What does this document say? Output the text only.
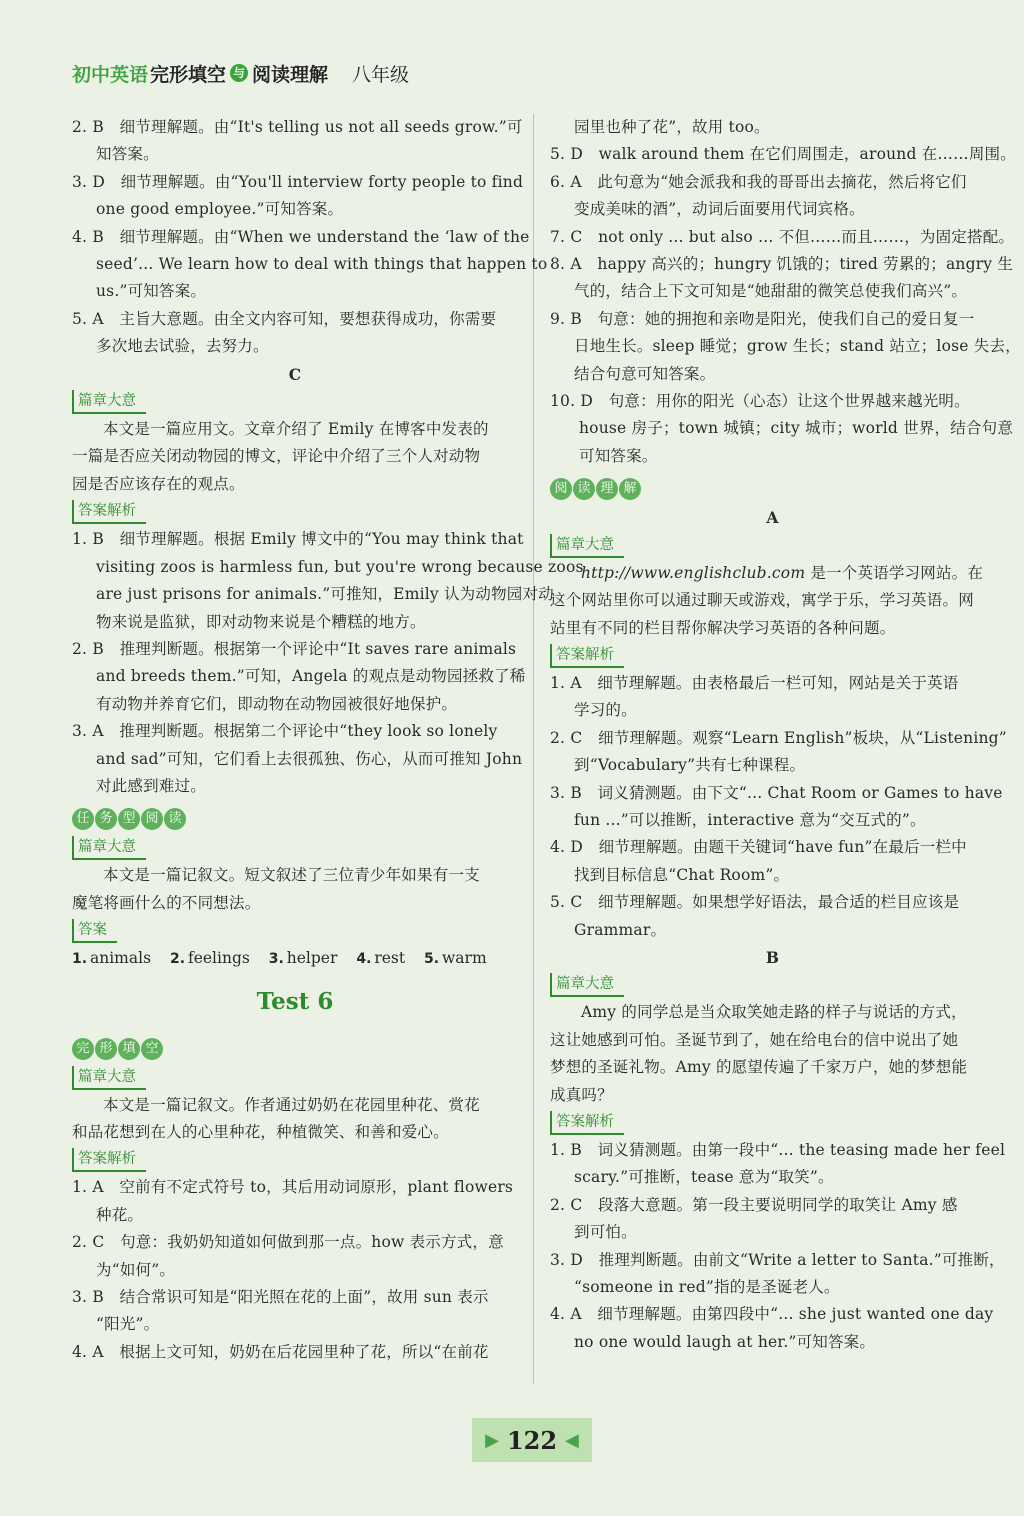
初中英语 完形填空 与 阅读理解 八年级
2. B　细节理解题。由“It's telling us not all seeds grow.”可
知答案。
3. D　细节理解题。由“You'll interview forty people to find
one good employee.”可知答案。
4. B　细节理解题。由“When we understand the ‘law of the
seed’... We learn how to deal with things that happen to
us.”可知答案。
5. A　主旨大意题。由全文内容可知，要想获得成功，你需要
多次地去试验，去努力。
C
篇章大意
本文是一篇应用文。文章介绍了 Emily 在博客中发表的
一篇是否应关闭动物园的博文，评论中介绍了三个人对动物
园是否应该存在的观点。
答案解析
1. B　细节理解题。根据 Emily 博文中的“You may think that
visiting zoos is harmless fun, but you're wrong because zoos
are just prisons for animals.”可推知，Emily 认为动物园对动
物来说是监狱，即对动物来说是个糟糕的地方。
2. B　推理判断题。根据第一个评论中“It saves rare animals
and breeds them.”可知，Angela 的观点是动物园拯救了稀
有动物并养育它们，即动物在动物园被很好地保护。
3. A　推理判断题。根据第二个评论中“they look so lonely
and sad”可知，它们看上去很孤独、伤心，从而可推知 John
对此感到难过。
任 务 型 阅 读
篇章大意
本文是一篇记叙文。短文叙述了三位青少年如果有一支
魔笔将画什么的不同想法。
答案
1. animals 2. feelings 3. helper 4. rest 5. warm
Test 6
完 形 填 空
篇章大意
本文是一篇记叙文。作者通过奶奶在花园里种花、赏花
和品花想到在人的心里种花，种植微笑、和善和爱心。
答案解析
1. A　空前有不定式符号 to，其后用动词原形，plant flowers
种花。
2. C　句意：我奶奶知道如何做到那一点。how 表示方式，意
为“如何”。
3. B　结合常识可知是“阳光照在花的上面”，故用 sun 表示
“阳光”。
4. A　根据上文可知，奶奶在后花园里种了花，所以“在前花
园里也种了花”，故用 too。
5. D　walk around them 在它们周围走，around 在……周围。
6. A　此句意为“她会派我和我的哥哥出去摘花，然后将它们
变成美味的酒”，动词后面要用代词宾格。
7. C　not only ... but also ... 不但……而且……，为固定搭配。
8. A　happy 高兴的；hungry 饥饿的；tired 劳累的；angry 生
气的，结合上下文可知是“她甜甜的微笑总使我们高兴”。
9. B　句意：她的拥抱和亲吻是阳光，使我们自己的爱日复一
日地生长。sleep 睡觉；grow 生长；stand 站立；lose 失去，
结合句意可知答案。
10. D　句意：用你的阳光（心态）让这个世界越来越光明。
house 房子；town 城镇；city 城市；world 世界，结合句意
可知答案。
阅 读 理 解
A
篇章大意
http://www.englishclub.com 是一个英语学习网站。在
这个网站里你可以通过聊天或游戏，寓学于乐，学习英语。网
站里有不同的栏目帮你解决学习英语的各种问题。
答案解析
1. A　细节理解题。由表格最后一栏可知，网站是关于英语
学习的。
2. C　细节理解题。观察“Learn English”板块，从“Listening”
到“Vocabulary”共有七种课程。
3. B　词义猜测题。由下文“... Chat Room or Games to have
fun ...”可以推断，interactive 意为“交互式的”。
4. D　细节理解题。由题干关键词“have fun”在最后一栏中
找到目标信息“Chat Room”。
5. C　细节理解题。如果想学好语法，最合适的栏目应该是
Grammar。
B
篇章大意
Amy 的同学总是当众取笑她走路的样子与说话的方式，
这让她感到可怕。圣诞节到了，她在给电台的信中说出了她
梦想的圣诞礼物。Amy 的愿望传遍了千家万户，她的梦想能
成真吗？
答案解析
1. B　词义猜测题。由第一段中“... the teasing made her feel
scary.”可推断，tease 意为“取笑”。
2. C　段落大意题。第一段主要说明同学的取笑让 Amy 感
到可怕。
3. D　推理判断题。由前文“Write a letter to Santa.”可推断，
“someone in red”指的是圣诞老人。
4. A　细节理解题。由第四段中“... she just wanted one day
no one would laugh at her.”可知答案。
▶ 122 ◀
